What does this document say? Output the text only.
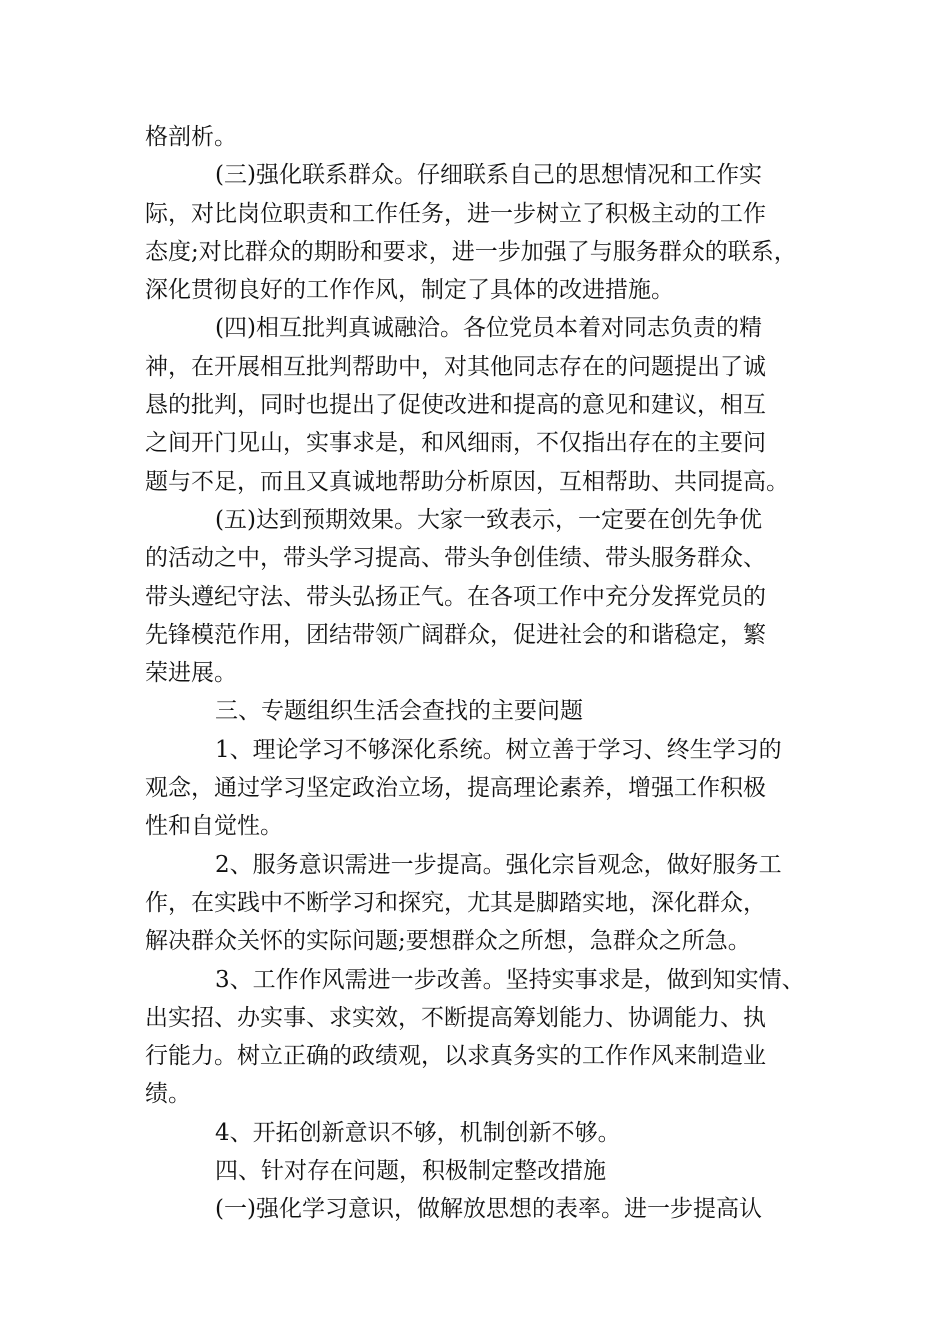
格剖析。
(三)强化联系群众。仔细联系自己的思想情况和工作实
际，对比岗位职责和工作任务，进一步树立了积极主动的工作
态度;对比群众的期盼和要求，进一步加强了与服务群众的联系，
深化贯彻良好的工作作风，制定了具体的改进措施。
(四)相互批判真诚融洽。各位党员本着对同志负责的精
神，在开展相互批判帮助中，对其他同志存在的问题提出了诚
恳的批判，同时也提出了促使改进和提高的意见和建议，相互
之间开门见山，实事求是，和风细雨，不仅指出存在的主要问
题与不足，而且又真诚地帮助分析原因，互相帮助、共同提高。
(五)达到预期效果。大家一致表示，一定要在创先争优
的活动之中，带头学习提高、带头争创佳绩、带头服务群众、
带头遵纪守法、带头弘扬正气。在各项工作中充分发挥党员的
先锋模范作用，团结带领广阔群众，促进社会的和谐稳定，繁
荣进展。
三、专题组织生活会查找的主要问题
1、理论学习不够深化系统。树立善于学习、终生学习的
观念，通过学习坚定政治立场，提高理论素养，增强工作积极
性和自觉性。
2、服务意识需进一步提高。强化宗旨观念，做好服务工
作，在实践中不断学习和探究，尤其是脚踏实地，深化群众，
解决群众关怀的实际问题;要想群众之所想，急群众之所急。
3、工作作风需进一步改善。坚持实事求是，做到知实情、
出实招、办实事、求实效，不断提高筹划能力、协调能力、执
行能力。树立正确的政绩观，以求真务实的工作作风来制造业
绩。
4、开拓创新意识不够，机制创新不够。
四、针对存在问题，积极制定整改措施
(一)强化学习意识，做解放思想的表率。进一步提高认
